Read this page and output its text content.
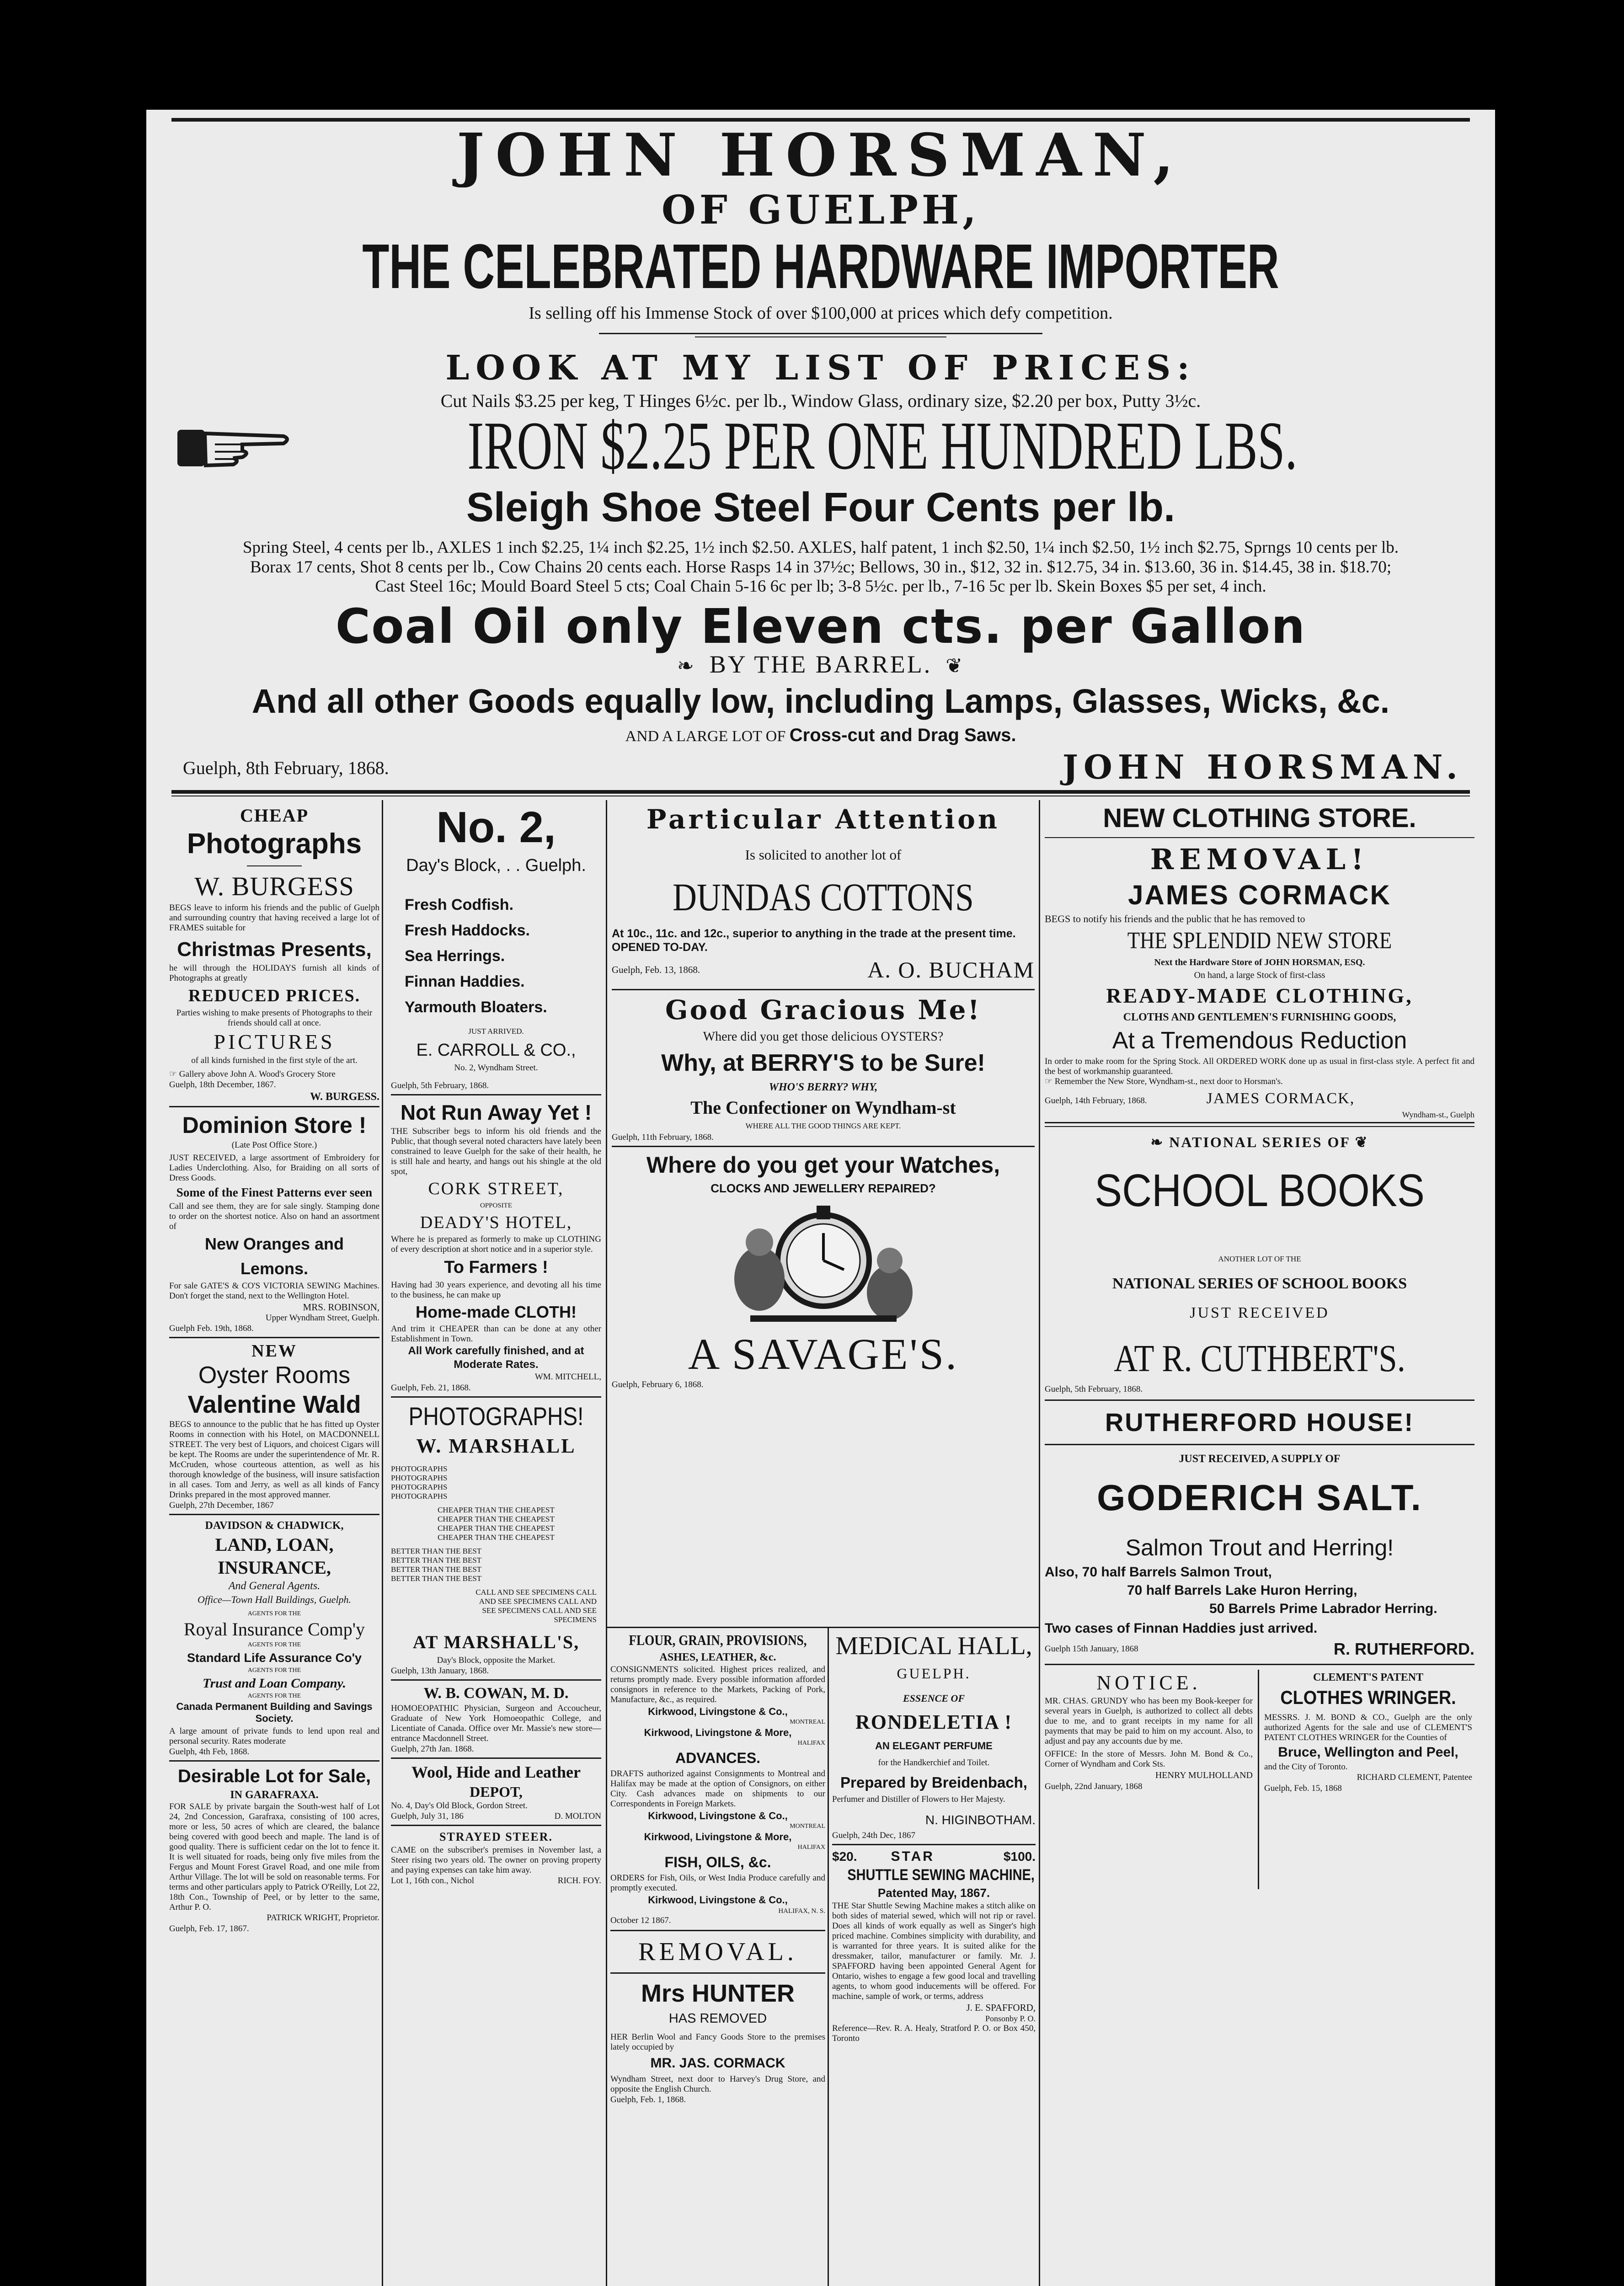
JOHN HORSMAN,
OF GUELPH,
THE CELEBRATED HARDWARE IMPORTER
Is selling off his Immense Stock of over $100,000 at prices which defy competition.
LOOK AT MY LIST OF PRICES:
Cut Nails $3.25 per keg, T Hinges 6½c. per lb., Window Glass, ordinary size, $2.20 per box, Putty 3½c.
IRON $2.25 PER ONE HUNDRED LBS.
Sleigh Shoe Steel Four Cents per lb.
Spring Steel, 4 cents per lb., AXLES 1 inch $2.25, 1¼ inch $2.25, 1½ inch $2.50. AXLES, half patent, 1 inch $2.50, 1¼ inch $2.50, 1½ inch $2.75, Sprngs 10 cents per lb.
Borax 17 cents, Shot 8 cents per lb., Cow Chains 20 cents each. Horse Rasps 14 in 37½c; Bellows, 30 in., $12, 32 in. $12.75, 34 in. $13.60, 36 in. $14.45, 38 in. $18.70;
Cast Steel 16c; Mould Board Steel 5 cts; Coal Chain 5-16 6c per lb; 3-8 5½c. per lb., 7-16 5c per lb. Skein Boxes $5 per set, 4 inch.
Coal Oil only Eleven cts. per Gallon
❧  BY THE BARREL.  ❦
And all other Goods equally low, including Lamps, Glasses, Wicks, &c.
AND A LARGE LOT OF Cross-cut and Drag Saws.
Guelph, 8th February, 1868.	JOHN HORSMAN.
CHEAP
Photographs
W. BURGESS
BEGS leave to inform his friends and the public of Guelph and surrounding country that having received a large lot of FRAMES suitable for
Christmas Presents,
he will through the HOLIDAYS furnish all kinds of Photographs at greatly
REDUCED PRICES.
Parties wishing to make presents of Photographs to their friends should call at once.
PICTURES
of all kinds furnished in the first style of the art.
☞ Gallery above John A. Wood's Grocery Store
Guelph, 18th December, 1867.
W. BURGESS.
Dominion Store !
(Late Post Office Store.)
JUST RECEIVED, a large assortment of Embroidery for Ladies Underclothing. Also, for Braiding on all sorts of Dress Goods.
Some of the Finest Patterns ever seen
Call and see them, they are for sale singly. Stamping done to order on the shortest notice. Also on hand an assortment of
New Oranges and Lemons.
For sale GATE'S & CO'S VICTORIA SEWING Machines. Don't forget the stand, next to the Wellington Hotel.
MRS. ROBINSON,
Upper Wyndham Street, Guelph.
Guelph Feb. 19th, 1868.
NEW
Oyster Rooms
Valentine Wald
BEGS to announce to the public that he has fitted up Oyster Rooms in connection with his Hotel, on MACDONNELL STREET. The very best of Liquors, and choicest Cigars will be kept. The Rooms are under the superintendence of Mr. R. McCruden, whose courteous attention, as well as his thorough knowledge of the business, will insure satisfaction in all cases. Tom and Jerry, as well as all kinds of Fancy Drinks prepared in the most approved manner.
Guelph, 27th December, 1867
DAVIDSON & CHADWICK,
LAND, LOAN, INSURANCE,
And General Agents.
Office—Town Hall Buildings, Guelph.
AGENTS FOR THE
Royal Insurance Comp'y
AGENTS FOR THE
Standard Life Assurance Co'y
AGENTS FOR THE
Trust and Loan Company.
AGENTS FOR THE
Canada Permanent Building and Savings Society.
A large amount of private funds to lend upon real and personal security. Rates moderate
Guelph, 4th Feb, 1868.
Desirable Lot for Sale,
IN GARAFRAXA.
FOR SALE by private bargain the South-west half of Lot 24, 2nd Concession, Garafraxa, consisting of 100 acres, more or less, 50 acres of which are cleared, the balance being covered with good beech and maple. The land is of good quality. There is sufficient cedar on the lot to fence it. It is well situated for roads, being only five miles from the Fergus and Mount Forest Gravel Road, and one mile from Arthur Village. The lot will be sold on reasonable terms. For terms and other particulars apply to Patrick O'Reilly, Lot 22, 18th Con., Township of Peel, or by letter to the same, Arthur P. O.
PATRICK WRIGHT, Proprietor.
Guelph, Feb. 17, 1867.
No. 2,
Day's Block, . . Guelph.
Fresh Codfish.
Fresh Haddocks.
Sea Herrings.
Finnan Haddies.
Yarmouth Bloaters.
JUST ARRIVED.
E. CARROLL & CO.,
No. 2, Wyndham Street.
Guelph, 5th February, 1868.
Not Run Away Yet !
THE Subscriber begs to inform his old friends and the Public, that though several noted characters have lately been constrained to leave Guelph for the sake of their health, he is still hale and hearty, and hangs out his shingle at the old spot,
CORK STREET,
OPPOSITE
DEADY'S HOTEL,
Where he is prepared as formerly to make up CLOTHING of every description at short notice and in a superior style.
To Farmers !
Having had 30 years experience, and devoting all his time to the business, he can make up
Home-made CLOTH!
And trim it CHEAPER than can be done at any other Establishment in Town.
All Work carefully finished, and at Moderate Rates.
WM. MITCHELL,
Guelph, Feb. 21, 1868.
PHOTOGRAPHS!
W. MARSHALL
PHOTOGRAPHS PHOTOGRAPHS PHOTOGRAPHS PHOTOGRAPHS
CHEAPER THAN THE CHEAPEST CHEAPER THAN THE CHEAPEST CHEAPER THAN THE CHEAPEST CHEAPER THAN THE CHEAPEST
BETTER THAN THE BEST BETTER THAN THE BEST BETTER THAN THE BEST BETTER THAN THE BEST
CALL AND SEE SPECIMENS CALL AND SEE SPECIMENS CALL AND SEE SPECIMENS CALL AND SEE SPECIMENS
AT MARSHALL'S,
Day's Block, opposite the Market.
Guelph, 13th January, 1868.
W. B. COWAN, M. D.
HOMOEOPATHIC Physician, Surgeon and Accoucheur, Graduate of New York Homoeopathic College, and Licentiate of Canada. Office over Mr. Massie's new store—entrance Macdonnell Street.
Guelph, 27th Jan. 1868.
Wool, Hide and Leather
DEPOT,
No. 4, Day's Old Block, Gordon Street.
Guelph, July 31, 186	D. MOLTON
STRAYED STEER.
CAME on the subscriber's premises in November last, a Steer rising two years old. The owner on proving property and paying expenses can take him away.
Lot 1, 16th con., Nichol	RICH. FOY.
Particular Attention
Is solicited to another lot of
DUNDAS COTTONS
At 10c., 11c. and 12c., superior to anything in the trade at the present time. OPENED TO-DAY.
Guelph, Feb. 13, 1868.	A. O. BUCHAM
Good Gracious Me!
Where did you get those delicious OYSTERS?
Why, at BERRY'S to be Sure!
WHO'S BERRY? WHY,
The Confectioner on Wyndham-st
WHERE ALL THE GOOD THINGS ARE KEPT.
Guelph, 11th February, 1868.
Where do you get your Watches,
CLOCKS AND JEWELLERY REPAIRED?
A SAVAGE'S.
Guelph, February 6, 1868.
FLOUR, GRAIN, PROVISIONS,
ASHES, LEATHER, &c.
CONSIGNMENTS solicited. Highest prices realized, and returns promptly made. Every possible information afforded consignors in reference to the Markets, Packing of Pork, Manufacture, &c., as required.
Kirkwood, Livingstone & Co.,
MONTREAL
Kirkwood, Livingstone & More,
HALIFAX
ADVANCES.
DRAFTS authorized against Consignments to Montreal and Halifax may be made at the option of Consignors, on either City. Cash advances made on shipments to our Correspondents in Foreign Markets.
Kirkwood, Livingstone & Co.,
MONTREAL
Kirkwood, Livingstone & More,
HALIFAX
FISH, OILS, &c.
ORDERS for Fish, Oils, or West India Produce carefully and promptly executed.
Kirkwood, Livingstone & Co.,
HALIFAX, N. S.
October 12 1867.
REMOVAL.
Mrs HUNTER
HAS REMOVED
HER Berlin Wool and Fancy Goods Store to the premises lately occupied by
MR. JAS. CORMACK
Wyndham Street, next door to Harvey's Drug Store, and opposite the English Church.
Guelph, Feb. 1, 1868.
MEDICAL HALL,
GUELPH.
ESSENCE OF
RONDELETIA !
AN ELEGANT PERFUME
for the Handkerchief and Toilet.
Prepared by Breidenbach,
Perfumer and Distiller of Flowers to Her Majesty.
N. HIGINBOTHAM.
Guelph, 24th Dec, 1867
$20. STAR	$100.
SHUTTLE SEWING MACHINE,
Patented May, 1867.
THE Star Shuttle Sewing Machine makes a stitch alike on both sides of material sewed, which will not rip or ravel. Does all kinds of work equally as well as Singer's high priced machine. Combines simplicity with durability, and is warranted for three years. It is suited alike for the dressmaker, tailor, manufacturer or family. Mr. J. SPAFFORD having been appointed General Agent for Ontario, wishes to engage a few good local and travelling agents, to whom good inducements will be offered. For machine, sample of work, or terms, address
J. E. SPAFFORD,
Ponsonby P. O.
Reference—Rev. R. A. Healy, Stratford P. O. or Box 450, Toronto
NEW CLOTHING STORE.
REMOVAL!
JAMES CORMACK
BEGS to notify his friends and the public that he has removed to
THE SPLENDID NEW STORE
Next the Hardware Store of JOHN HORSMAN, ESQ.
On hand, a large Stock of first-class
READY-MADE CLOTHING,
CLOTHS AND GENTLEMEN'S FURNISHING GOODS,
At a Tremendous Reduction
In order to make room for the Spring Stock. All ORDERED WORK done up as usual in first-class style. A perfect fit and the best of workmanship guaranteed.
☞ Remember the New Store, Wyndham-st., next door to Horsman's.
Guelph, 14th February, 1868.	JAMES CORMACK,
Wyndham-st., Guelph
❧ NATIONAL SERIES OF ❦
SCHOOL BOOKS
ANOTHER LOT OF THE
NATIONAL SERIES OF SCHOOL BOOKS
JUST RECEIVED
AT R. CUTHBERT'S.
Guelph, 5th February, 1868.
RUTHERFORD HOUSE!
JUST RECEIVED, A SUPPLY OF
GODERICH SALT.
Salmon Trout and Herring!
Also, 70 half Barrels Salmon Trout,
70 half Barrels Lake Huron Herring,
50 Barrels Prime Labrador Herring.
Two cases of Finnan Haddies just arrived.
Guelph 15th January, 1868	R. RUTHERFORD.
NOTICE.
MR. CHAS. GRUNDY who has been my Book-keeper for several years in Guelph, is authorized to collect all debts due to me, and to grant receipts in my name for all payments that may be paid to him on my account. Also, to adjust and pay any accounts due by me.
OFFICE: In the store of Messrs. John M. Bond & Co., Corner of Wyndham and Cork Sts.
HENRY MULHOLLAND
Guelph, 22nd January, 1868
CLEMENT'S PATENT
CLOTHES WRINGER.
MESSRS. J. M. BOND & CO., Guelph are the only authorized Agents for the sale and use of CLEMENT'S PATENT CLOTHES WRINGER for the Counties of
Bruce, Wellington and Peel,
and the City of Toronto.
RICHARD CLEMENT, Patentee
Guelph, Feb. 15, 1868
